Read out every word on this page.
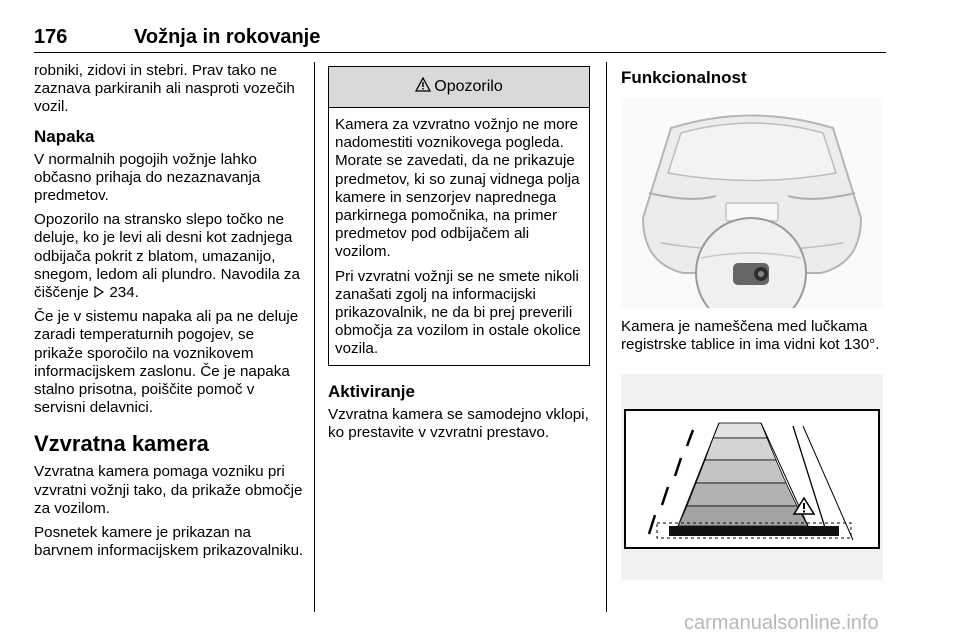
176	Vožnja in rokovanje

robniki, zidovi in stebri. Prav tako ne zaznava parkiranih ali nasproti vozečih vozil.

Napaka

V normalnih pogojih vožnje lahko občasno prihaja do nezaznavanja predmetov.

Opozorilo na stransko slepo točko ne deluje, ko je levi ali desni kot zadnjega odbijača pokrit z blatom, umazanijo, snegom, ledom ali plundro. Navodila za čiščenje 234.

Če je v sistemu napaka ali pa ne deluje zaradi temperaturnih pogojev, se prikaže sporočilo na voznikovem informacijskem zaslonu. Če je napaka stalno prisotna, poiščite pomoč v servisni delavnici.

Vzvratna kamera

Vzvratna kamera pomaga vozniku pri vzvratni vožnji tako, da prikaže območje za vozilom.

Posnetek kamere je prikazan na barvnem informacijskem prikazovalniku.

Opozorilo

Kamera za vzvratno vožnjo ne more nadomestiti voznikovega pogleda. Morate se zavedati, da ne prikazuje predmetov, ki so zunaj vidnega polja kamere in senzorjev naprednega parkirnega pomočnika, na primer predmetov pod odbijačem ali vozilom.

Pri vzvratni vožnji se ne smete nikoli zanašati zgolj na informacijski prikazovalnik, ne da bi prej preverili območja za vozilom in ostale okolice vozila.

Aktiviranje

Vzvratna kamera se samodejno vklopi, ko prestavite v vzvratni prestavo.

Funkcionalnost

Kamera je nameščena med lučkama registrske tablice in ima vidni kot 130°.

carmanualsonline.info
